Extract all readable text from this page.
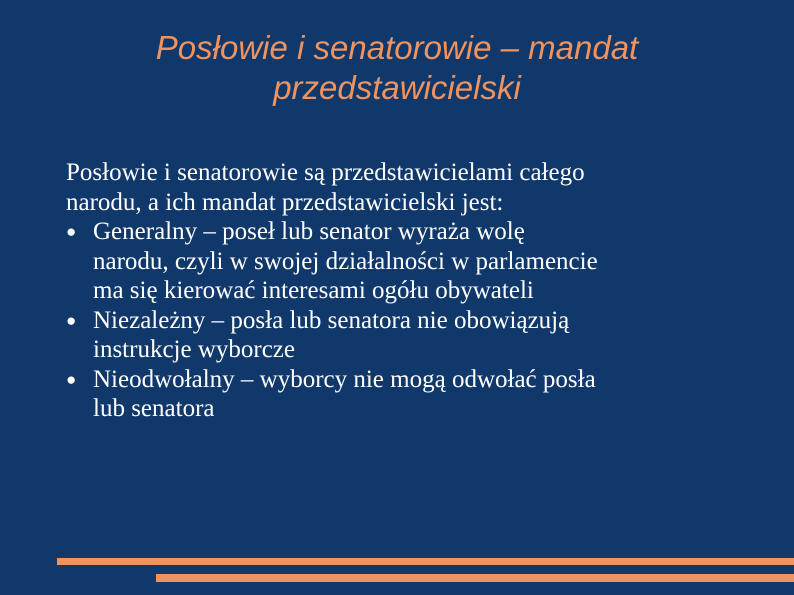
Posłowie i senatorowie – mandat
przedstawicielski
Posłowie i senatorowie są przedstawicielami całego
narodu, a ich mandat przedstawicielski jest:
● Generalny – poseł lub senator wyraża wolę
narodu, czyli w swojej działalności w parlamencie
ma się kierować interesami ogółu obywateli
● Niezależny – posła lub senatora nie obowiązują
instrukcje wyborcze
● Nieodwołalny – wyborcy nie mogą odwołać posła
lub senatora
